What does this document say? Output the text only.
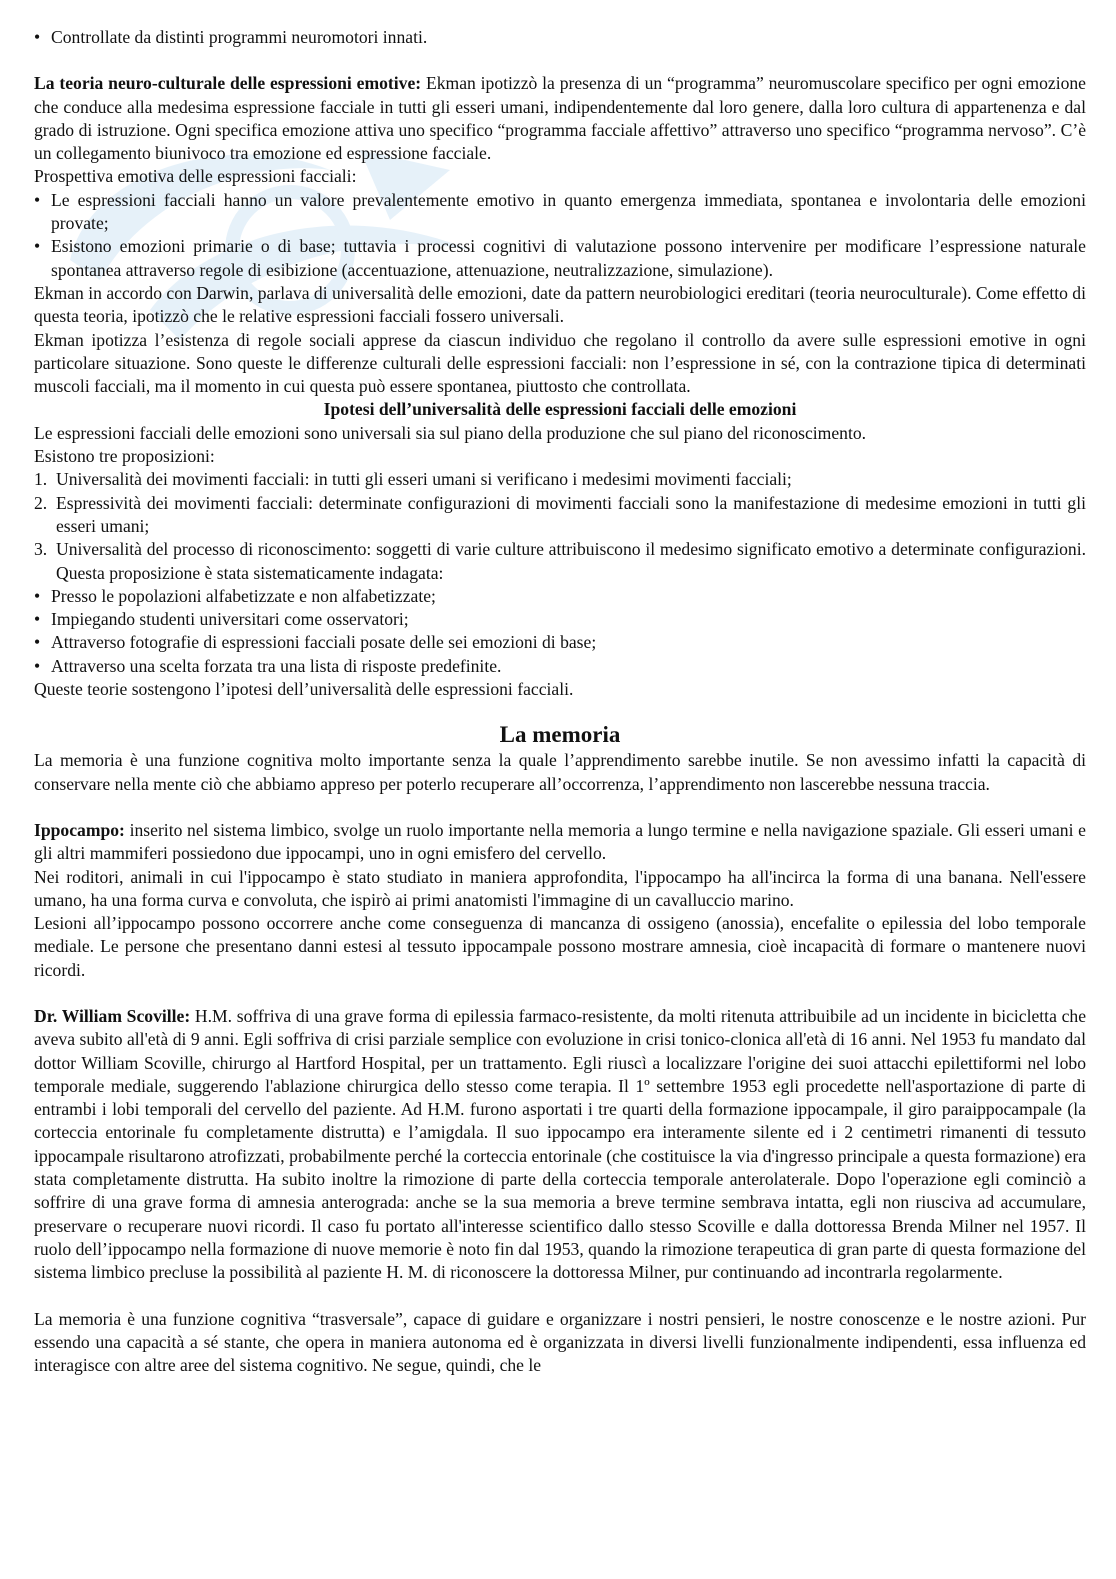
• Controllate da distinti programmi neuromotori innati.

La teoria neuro-culturale delle espressioni emotive: Ekman ipotizzò la presenza di un “programma” neuromuscolare specifico per ogni emozione che conduce alla medesima espressione facciale in tutti gli esseri umani, indipendentemente dal loro genere, dalla loro cultura di appartenenza e dal grado di istruzione. Ogni specifica emozione attiva uno specifico “programma facciale affettivo” attraverso uno specifico “programma nervoso”. C’è un collegamento biunivoco tra emozione ed espressione facciale.

Prospettiva emotiva delle espressioni facciali:

• Le espressioni facciali hanno un valore prevalentemente emotivo in quanto emergenza immediata, spontanea e involontaria delle emozioni provate;
• Esistono emozioni primarie o di base; tuttavia i processi cognitivi di valutazione possono intervenire per modificare l’espressione naturale spontanea attraverso regole di esibizione (accentuazione, attenuazione, neutralizzazione, simulazione).

Ekman in accordo con Darwin, parlava di universalità delle emozioni, date da pattern neurobiologici ereditari (teoria neuroculturale). Come effetto di questa teoria, ipotizzò che le relative espressioni facciali fossero universali.

Ekman ipotizza l’esistenza di regole sociali apprese da ciascun individuo che regolano il controllo da avere sulle espressioni emotive in ogni particolare situazione. Sono queste le differenze culturali delle espressioni facciali: non l’espressione in sé, con la contrazione tipica di determinati muscoli facciali, ma il momento in cui questa può essere spontanea, piuttosto che controllata.

Ipotesi dell’universalità delle espressioni facciali delle emozioni

Le espressioni facciali delle emozioni sono universali sia sul piano della produzione che sul piano del riconoscimento.

Esistono tre proposizioni:

1. Universalità dei movimenti facciali: in tutti gli esseri umani si verificano i medesimi movimenti facciali;
2. Espressività dei movimenti facciali: determinate configurazioni di movimenti facciali sono la manifestazione di medesime emozioni in tutti gli esseri umani;
3. Universalità del processo di riconoscimento: soggetti di varie culture attribuiscono il medesimo significato emotivo a determinate configurazioni. Questa proposizione è stata sistematicamente indagata:
• Presso le popolazioni alfabetizzate e non alfabetizzate;
• Impiegando studenti universitari come osservatori;
• Attraverso fotografie di espressioni facciali posate delle sei emozioni di base;
• Attraverso una scelta forzata tra una lista di risposte predefinite.

Queste teorie sostengono l’ipotesi dell’universalità delle espressioni facciali.

La memoria

La memoria è una funzione cognitiva molto importante senza la quale l’apprendimento sarebbe inutile. Se non avessimo infatti la capacità di conservare nella mente ciò che abbiamo appreso per poterlo recuperare all’occorrenza, l’apprendimento non lascerebbe nessuna traccia.

Ippocampo: inserito nel sistema limbico, svolge un ruolo importante nella memoria a lungo termine e nella navigazione spaziale. Gli esseri umani e gli altri mammiferi possiedono due ippocampi, uno in ogni emisfero del cervello.

Nei roditori, animali in cui l'ippocampo è stato studiato in maniera approfondita, l'ippocampo ha all'incirca la forma di una banana. Nell'essere umano, ha una forma curva e convoluta, che ispirò ai primi anatomisti l'immagine di un cavalluccio marino.

Lesioni all’ippocampo possono occorrere anche come conseguenza di mancanza di ossigeno (anossia), encefalite o epilessia del lobo temporale mediale. Le persone che presentano danni estesi al tessuto ippocampale possono mostrare amnesia, cioè incapacità di formare o mantenere nuovi ricordi.

Dr. William Scoville: H.M. soffriva di una grave forma di epilessia farmaco-resistente, da molti ritenuta attribuibile ad un incidente in bicicletta che aveva subito all'età di 9 anni. Egli soffriva di crisi parziale semplice con evoluzione in crisi tonico-clonica all'età di 16 anni. Nel 1953 fu mandato dal dottor William Scoville, chirurgo al Hartford Hospital, per un trattamento. Egli riuscì a localizzare l'origine dei suoi attacchi epilettiformi nel lobo temporale mediale, suggerendo l'ablazione chirurgica dello stesso come terapia. Il 1º settembre 1953 egli procedette nell'asportazione di parte di entrambi i lobi temporali del cervello del paziente. Ad H.M. furono asportati i tre quarti della formazione ippocampale, il giro paraippocampale (la corteccia entorinale fu completamente distrutta) e l’amigdala. Il suo ippocampo era interamente silente ed i 2 centimetri rimanenti di tessuto ippocampale risultarono atrofizzati, probabilmente perché la corteccia entorinale (che costituisce la via d'ingresso principale a questa formazione) era stata completamente distrutta. Ha subito inoltre la rimozione di parte della corteccia temporale anterolaterale. Dopo l'operazione egli cominciò a soffrire di una grave forma di amnesia anterograda: anche se la sua memoria a breve termine sembrava intatta, egli non riusciva ad accumulare, preservare o recuperare nuovi ricordi. Il caso fu portato all'interesse scientifico dallo stesso Scoville e dalla dottoressa Brenda Milner nel 1957. Il ruolo dell’ippocampo nella formazione di nuove memorie è noto fin dal 1953, quando la rimozione terapeutica di gran parte di questa formazione del sistema limbico precluse la possibilità al paziente H. M. di riconoscere la dottoressa Milner, pur continuando ad incontrarla regolarmente.

La memoria è una funzione cognitiva “trasversale”, capace di guidare e organizzare i nostri pensieri, le nostre conoscenze e le nostre azioni. Pur essendo una capacità a sé stante, che opera in maniera autonoma ed è organizzata in diversi livelli funzionalmente indipendenti, essa influenza ed interagisce con altre aree del sistema cognitivo. Ne segue, quindi, che le
